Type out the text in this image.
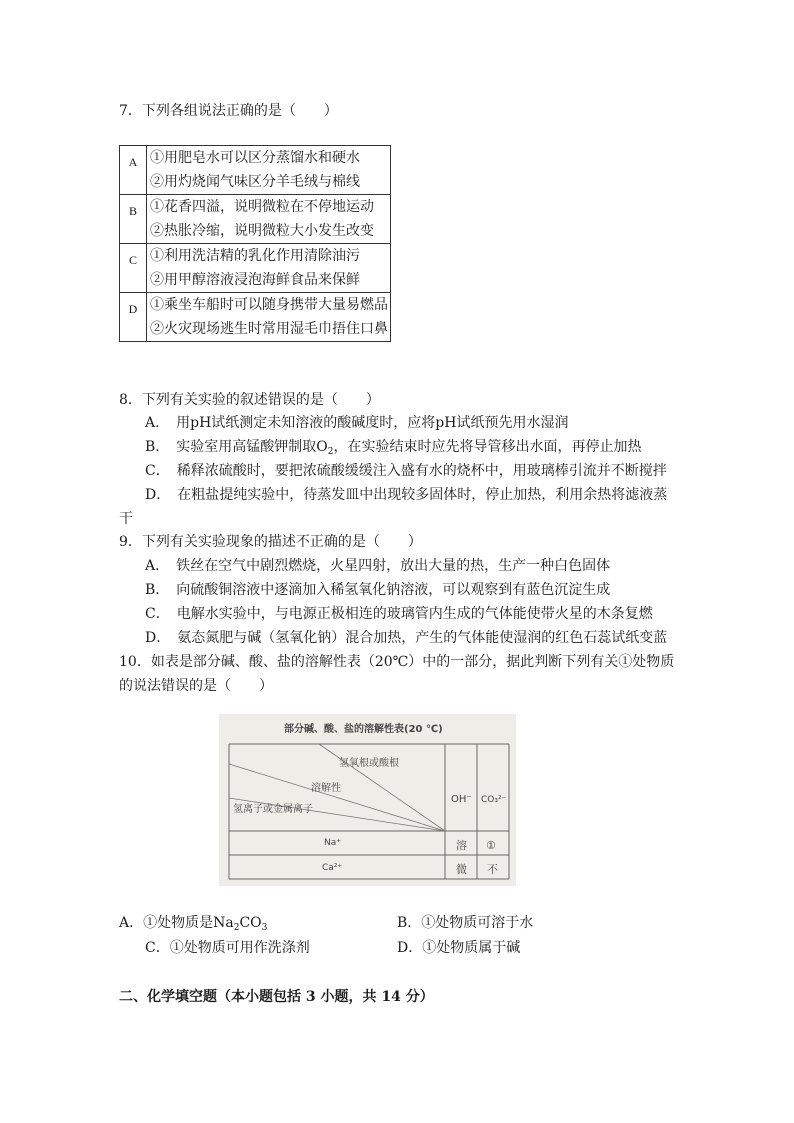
7．下列各组说法正确的是（　　）
A	①用肥皂水可以区分蒸馏水和硬水
②用灼烧闻气味区分羊毛绒与棉线

B	①花香四溢，说明微粒在不停地运动
②热胀冷缩，说明微粒大小发生改变

C	①利用洗洁精的乳化作用清除油污
②用甲醇溶液浸泡海鲜食品来保鲜

D	①乘坐车船时可以随身携带大量易燃品
②火灾现场逃生时常用湿毛巾捂住口鼻
8．下列有关实验的叙述错误的是（　　）
A．　用pH试纸测定未知溶液的酸碱度时，应将pH试纸预先用水湿润
B．　实验室用高锰酸钾制取$O_2$，在实验结束时应先将导管移出水面，再停止加热
C．　稀释浓硫酸时，要把浓硫酸缓缓注入盛有水的烧杯中，用玻璃棒引流并不断搅拌
D．　在粗盐提纯实验中，待蒸发皿中出现较多固体时，停止加热，利用余热将滤液蒸
干
9．下列有关实验现象的描述不正确的是（　　）
A．　铁丝在空气中剧烈燃烧，火星四射，放出大量的热，生产一种白色固体
B．　向硫酸铜溶液中逐滴加入稀氢氧化钠溶液，可以观察到有蓝色沉淀生成
C．　电解水实验中，与电源正极相连的玻璃管内生成的气体能使带火星的木条复燃
D．　氨态氮肥与碱（氢氧化钠）混合加热，产生的气体能使湿润的红色石蕊试纸变蓝
10．如表是部分碱、酸、盐的溶解性表（20℃）中的一部分，据此判断下列有关①处物质
的说法错误的是（　　）
部分碱、酸、盐的溶解性表(20 ℃)
氢氧根或酸根
溶解性
氢离子或金属离子
OH⁻ CO₃²⁻
Na⁺	溶 ①
Ca²⁺	微 不
A．①处物质是$Na_2CO_3$	B．①处物质可溶于水
C．①处物质可用作洗涤剂	D．①处物质属于碱
二、化学填空题（本小题包括 3 小题，共 14 分）
